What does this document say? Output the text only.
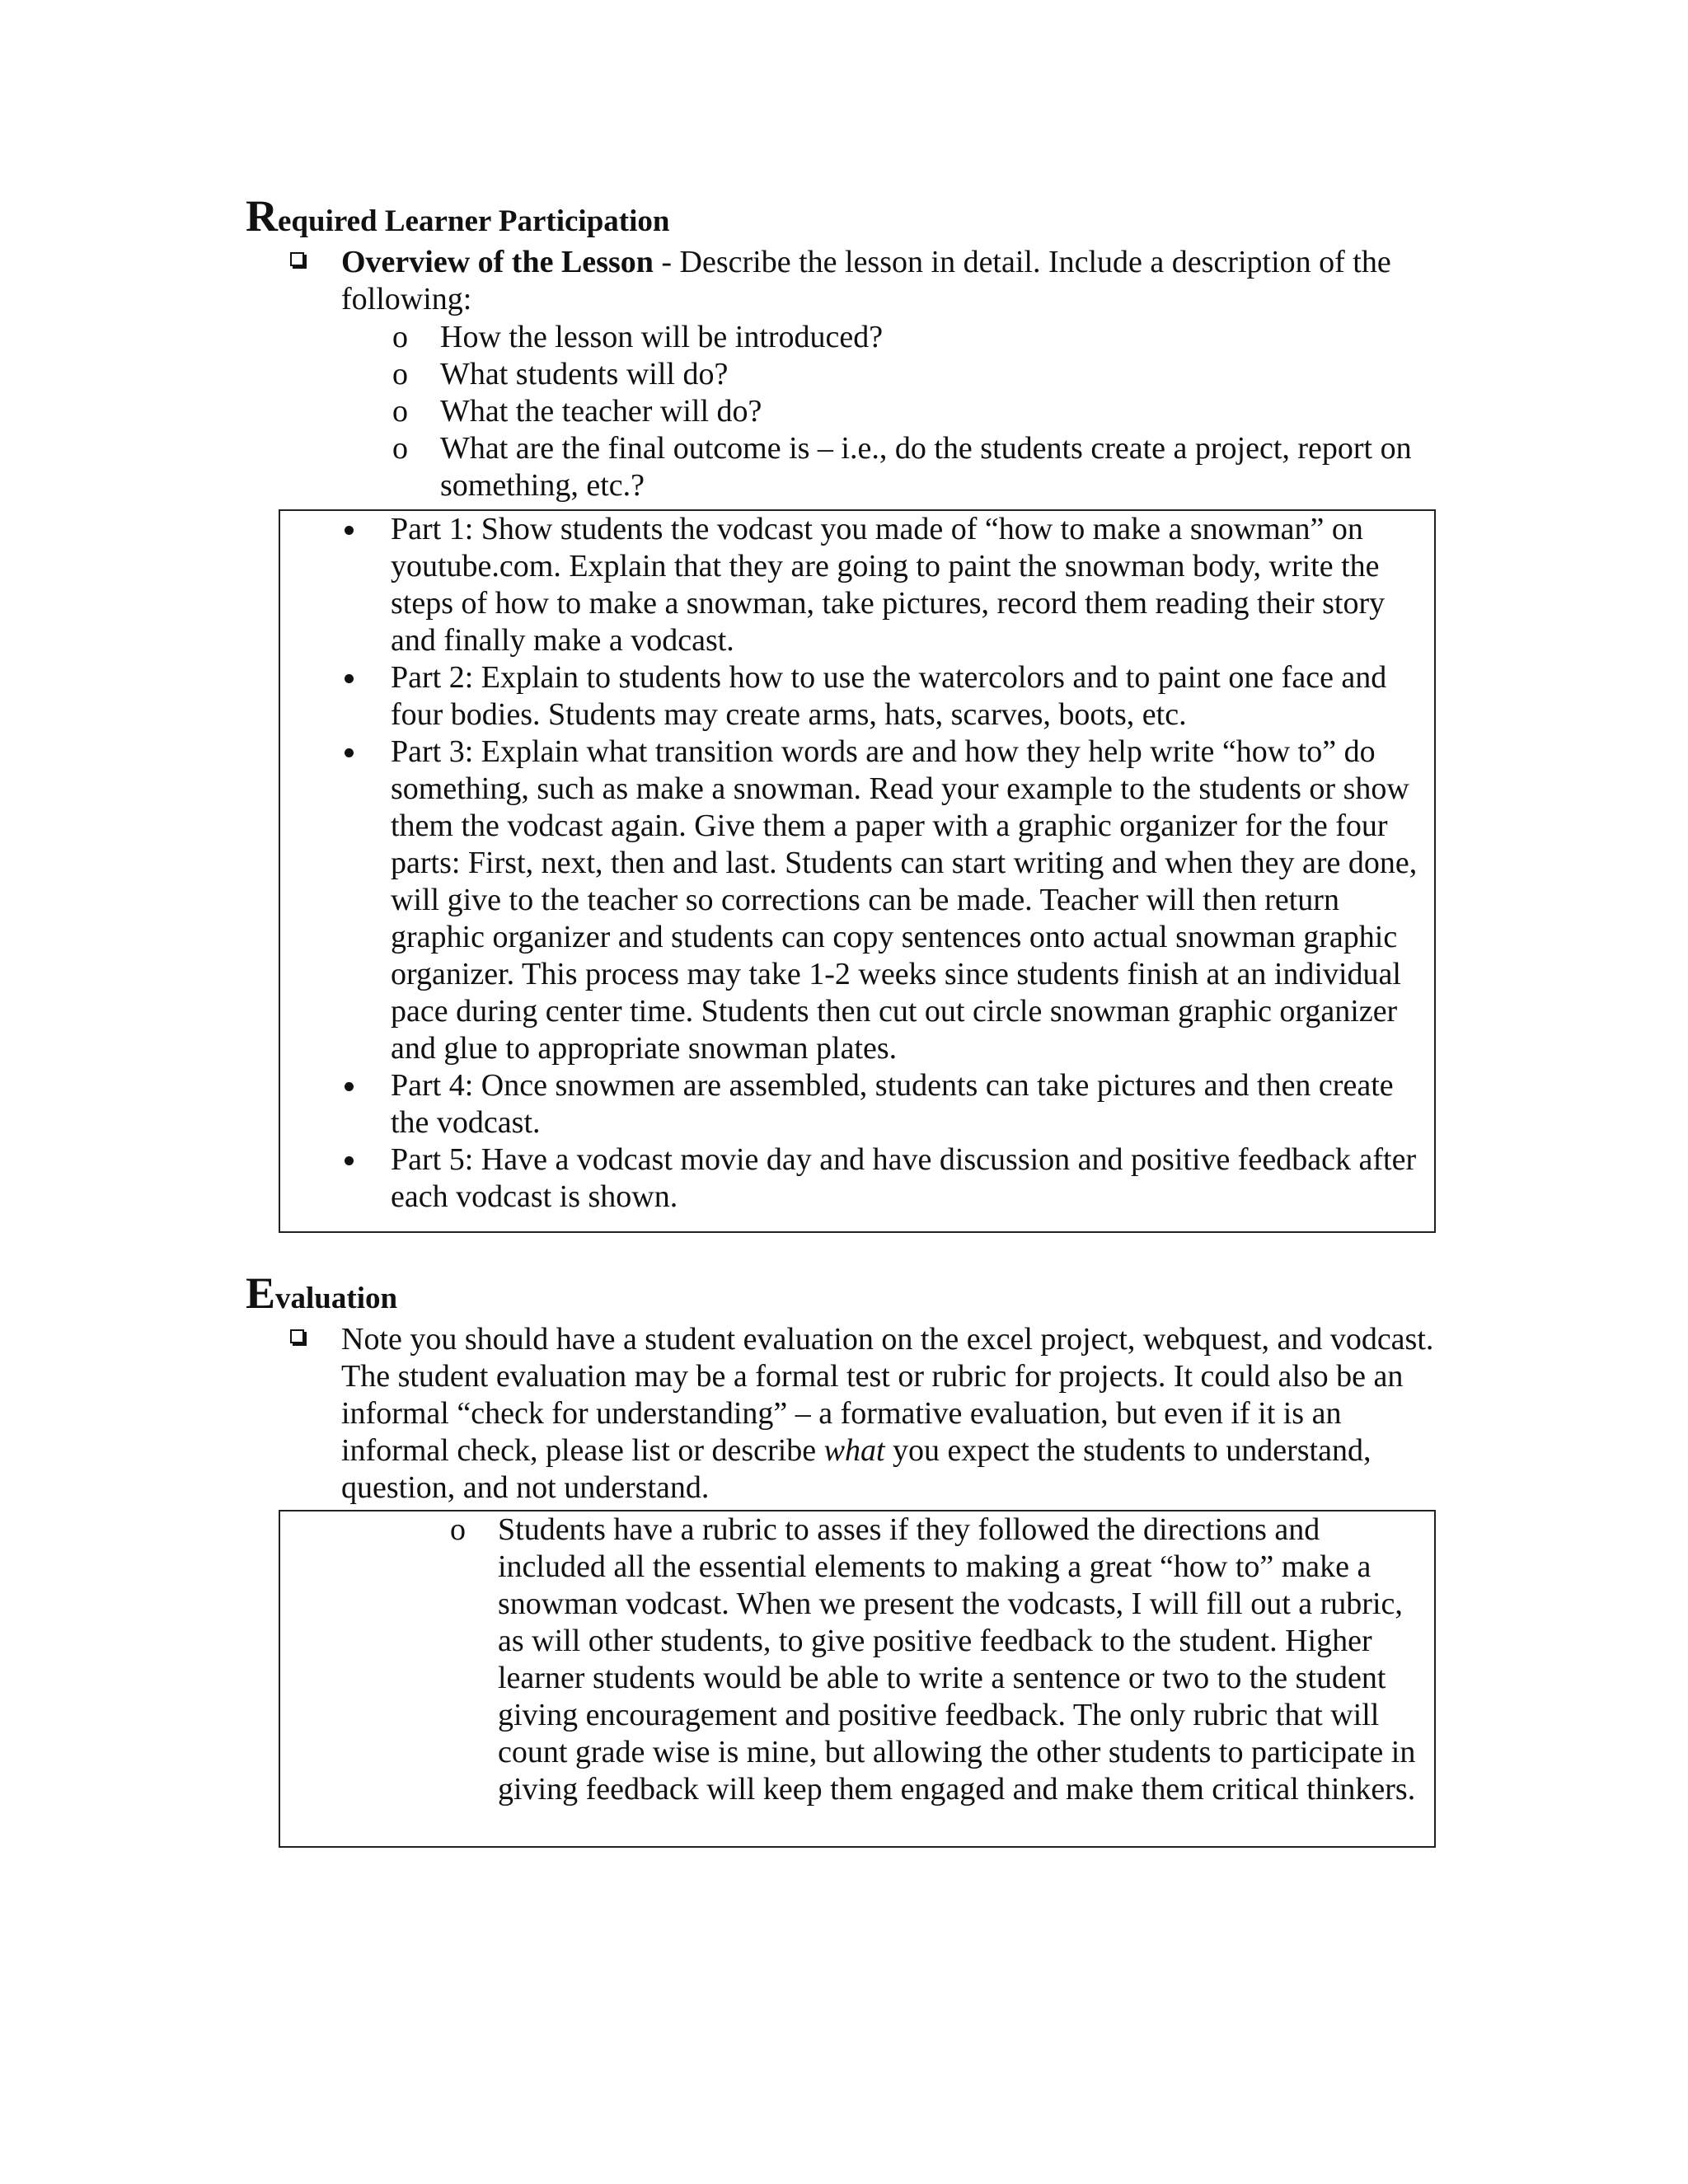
Required Learner Participation
Overview of the Lesson - Describe the lesson in detail. Include a description of the following:
o How the lesson will be introduced?
o What students will do?
o What the teacher will do?
o What are the final outcome is – i.e., do the students create a project, report on something, etc.?
Part 1: Show students the vodcast you made of “how to make a snowman” on youtube.com. Explain that they are going to paint the snowman body, write the steps of how to make a snowman, take pictures, record them reading their story and finally make a vodcast.
Part 2: Explain to students how to use the watercolors and to paint one face and four bodies. Students may create arms, hats, scarves, boots, etc.
Part 3: Explain what transition words are and how they help write “how to” do something, such as make a snowman. Read your example to the students or show them the vodcast again. Give them a paper with a graphic organizer for the four parts: First, next, then and last. Students can start writing and when they are done, will give to the teacher so corrections can be made. Teacher will then return graphic organizer and students can copy sentences onto actual snowman graphic organizer. This process may take 1-2 weeks since students finish at an individual pace during center time. Students then cut out circle snowman graphic organizer and glue to appropriate snowman plates.
Part 4: Once snowmen are assembled, students can take pictures and then create the vodcast.
Part 5: Have a vodcast movie day and have discussion and positive feedback after each vodcast is shown.
Evaluation
Note you should have a student evaluation on the excel project, webquest, and vodcast. The student evaluation may be a formal test or rubric for projects. It could also be an informal “check for understanding” – a formative evaluation, but even if it is an informal check, please list or describe what you expect the students to understand, question, and not understand.
o Students have a rubric to asses if they followed the directions and included all the essential elements to making a great “how to” make a snowman vodcast. When we present the vodcasts, I will fill out a rubric, as will other students, to give positive feedback to the student. Higher learner students would be able to write a sentence or two to the student giving encouragement and positive feedback. The only rubric that will count grade wise is mine, but allowing the other students to participate in giving feedback will keep them engaged and make them critical thinkers.
